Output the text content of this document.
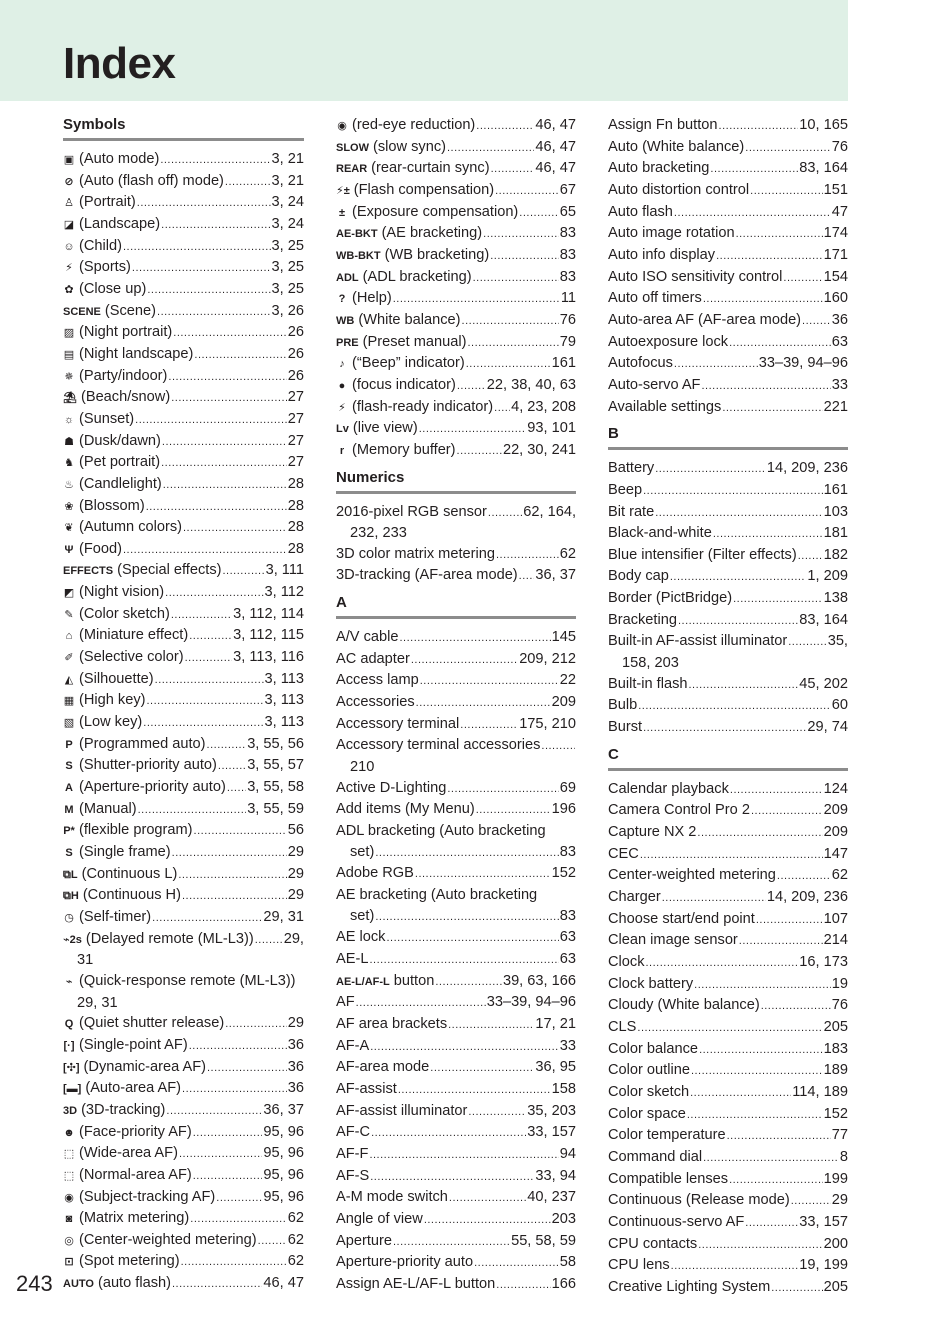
Index
Symbols
▣ (Auto mode) .....	3, 21
⊘ (Auto (flash off) mode) .....	3, 21
♙ (Portrait) .....	3, 24
◪ (Landscape) .....	3, 24
☺ (Child) .....	3, 25
⚡ (Sports) .....	3, 25
✿ (Close up) .....	3, 25
SCENE (Scene) .....	3, 26
▨ (Night portrait) .....	26
▤ (Night landscape) .....	26
✵ (Party/indoor) .....	26
⛱ (Beach/snow) .....	27
☼ (Sunset) .....	27
☗ (Dusk/dawn) .....	27
♞ (Pet portrait) .....	27
♨ (Candlelight) .....	28
❀ (Blossom) .....	28
❦ (Autumn colors) .....	28
Ψ (Food) .....	28
EFFECTS (Special effects) .....	3, 111
◩ (Night vision) .....	3, 112
✎ (Color sketch) .....	3, 112, 114
⌂ (Miniature effect) .....	3, 112, 115
✐ (Selective color) .....	3, 113, 116
◭ (Silhouette) .....	3, 113
▦ (High key) .....	3, 113
▧ (Low key) .....	3, 113
P (Programmed auto) .....	3, 55, 56
S (Shutter-priority auto) ..... 3, 55, 57
A (Aperture-priority auto) ..... 3, 55, 58
M (Manual) .....	3, 55, 59
P* (flexible program) .....	56
S (Single frame) .....	29
⧉L (Continuous L) .....	29
⧉H (Continuous H) .....	29
◷ (Self-timer) .....	29, 31
⌁2s (Delayed remote (ML-L3)) ..... 29,
31
⌁ (Quick-response remote (ML-L3))
29, 31
Q (Quiet shutter release) .....	29
[·] (Single-point AF) .....	36
[✣] (Dynamic-area AF) .....	36
[▬] (Auto-area AF) .....	36
3D (3D-tracking) .....	36, 37
☻ (Face-priority AF) .....	95, 96
⬚ (Wide-area AF) .....	95, 96
⬚ (Normal-area AF) .....	95, 96
◉ (Subject-tracking AF) .....	95, 96
◙ (Matrix metering) .....	62
◎ (Center-weighted metering) ..... 62
⊡ (Spot metering) .....	62
AUTO (auto flash) .....	46, 47
◉ (red-eye reduction) .....	46, 47
SLOW (slow sync) .....	46, 47
REAR (rear-curtain sync) .....	46, 47
⚡± (Flash compensation) .....	67
± (Exposure compensation) .....	65
AE-BKT (AE bracketing) .....	83
WB-BKT (WB bracketing) .....	83
ADL (ADL bracketing) .....	83
? (Help) .....	11
WB (White balance) .....	76
PRE (Preset manual) .....	79
♪ (“Beep” indicator) .....	161
● (focus indicator) ..... 22, 38, 40, 63
⚡ (flash-ready indicator) ..... 4, 23, 208
Lv (live view) .....	93, 101
r (Memory buffer) .....	22, 30, 241
Numerics
2016-pixel RGB sensor ..... 62, 164,
232, 233
3D color matrix metering .....	62
3D-tracking (AF-area mode) ..... 36, 37
A
A/V cable .....	145
AC adapter .....	209, 212
Access lamp .....	22
Accessories .....	209
Accessory terminal .....	175, 210
Accessory terminal accessories
.....
210
Active D-Lighting .....	69
Add items (My Menu) .....	196
ADL bracketing (Auto bracketing
set) .....	83
Adobe RGB .....	152
AE bracketing (Auto bracketing
set) .....	83
AE lock .....	63
AE-L .....	63
AE-L/AF-L button .....	39, 63, 166
AF .....	33–39, 94–96
AF area brackets .....	17, 21
AF-A .....	33
AF-area mode .....	36, 95
AF-assist .....	158
AF-assist illuminator .....	35, 203
AF-C .....	33, 157
AF-F .....	94
AF-S .....	33, 94
A-M mode switch .....	40, 237
Angle of view .....	203
Aperture .....	55, 58, 59
Aperture-priority auto .....	58
Assign AE-L/AF-L button .....	166
Assign Fn button .....	10, 165
Auto (White balance) .....	76
Auto bracketing .....	83, 164
Auto distortion control .....	151
Auto flash .....	47
Auto image rotation .....	174
Auto info display .....	171
Auto ISO sensitivity control .....	154
Auto off timers .....	160
Auto-area AF (AF-area mode) ..... 36
Autoexposure lock .....	63
Autofocus .....	33–39, 94–96
Auto-servo AF .....	33
Available settings .....	221
B
Battery .....	14, 209, 236
Beep .....	161
Bit rate .....	103
Black-and-white .....	181
Blue intensifier (Filter effects) ..... 182
Body cap .....	1, 209
Border (PictBridge) .....	138
Bracketing .....	83, 164
Built-in AF-assist illuminator .....	35,
158, 203
Built-in flash .....	45, 202
Bulb .....	60
Burst .....	29, 74
C
Calendar playback .....	124
Camera Control Pro 2 .....	209
Capture NX 2 .....	209
CEC .....	147
Center-weighted metering .....	62
Charger .....	14, 209, 236
Choose start/end point .....	107
Clean image sensor .....	214
Clock .....	16, 173
Clock battery .....	19
Cloudy (White balance) .....	76
CLS .....	205
Color balance .....	183
Color outline .....	189
Color sketch .....	114, 189
Color space .....	152
Color temperature .....	77
Command dial .....	8
Compatible lenses .....	199
Continuous (Release mode) .....	29
Continuous-servo AF .....	33, 157
CPU contacts .....	200
CPU lens .....	19, 199
Creative Lighting System .....	205
243
